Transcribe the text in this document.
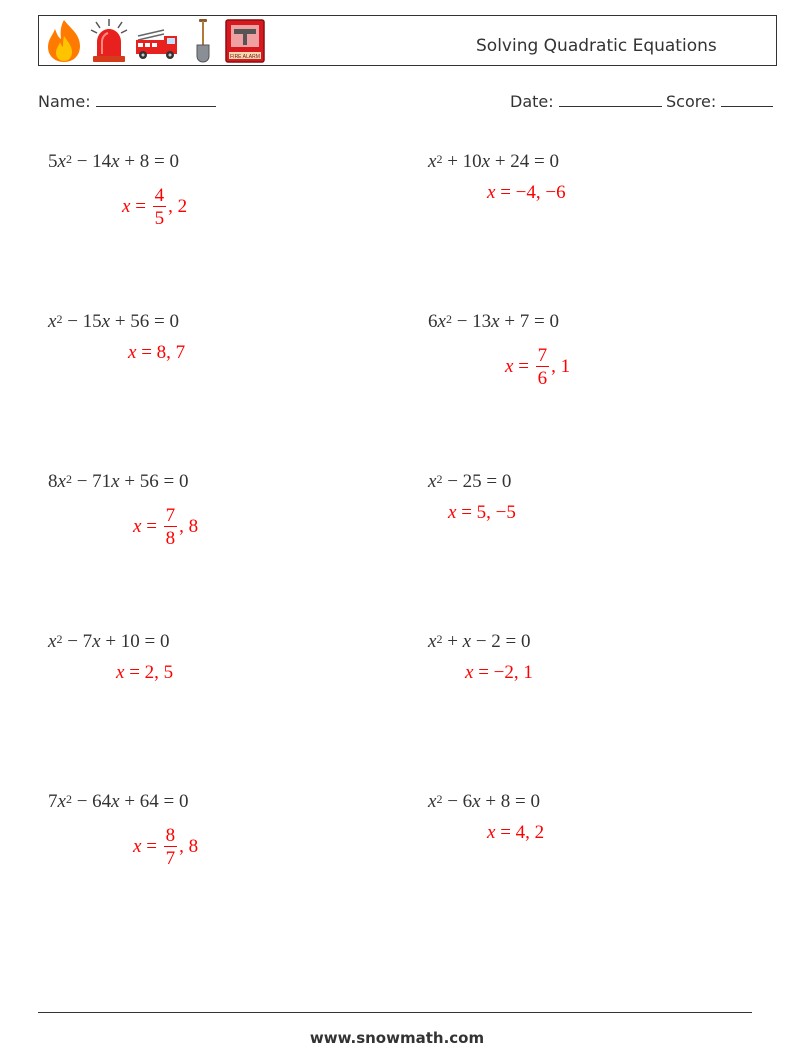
FIRE ALARM
Solving Quadratic Equations
Name:	Date:	Score:
$5x^2 - 14x + 8 = 0$
$x = \frac{4}{5}$ , 2
$x^2 + 10x + 24 = 0$
x = −4, −6
$x^2 - 15x + 56 = 0$
x = 8, 7
$6x^2 - 13x + 7 = 0$
$x = \frac{7}{6}$ , 1
$8x^2 - 71x + 56 = 0$
$x = \frac{7}{8}$ , 8
$x^2 - 25 = 0$
x = 5, −5
$x^2 - 7x + 10 = 0$
x = 2, 5
$x^2 + x - 2 = 0$
x = −2, 1
$7x^2 - 64x + 64 = 0$
$x = \frac{8}{7}$ , 8
$x^2 - 6x + 8 = 0$
x = 4, 2
www.snowmath.com
